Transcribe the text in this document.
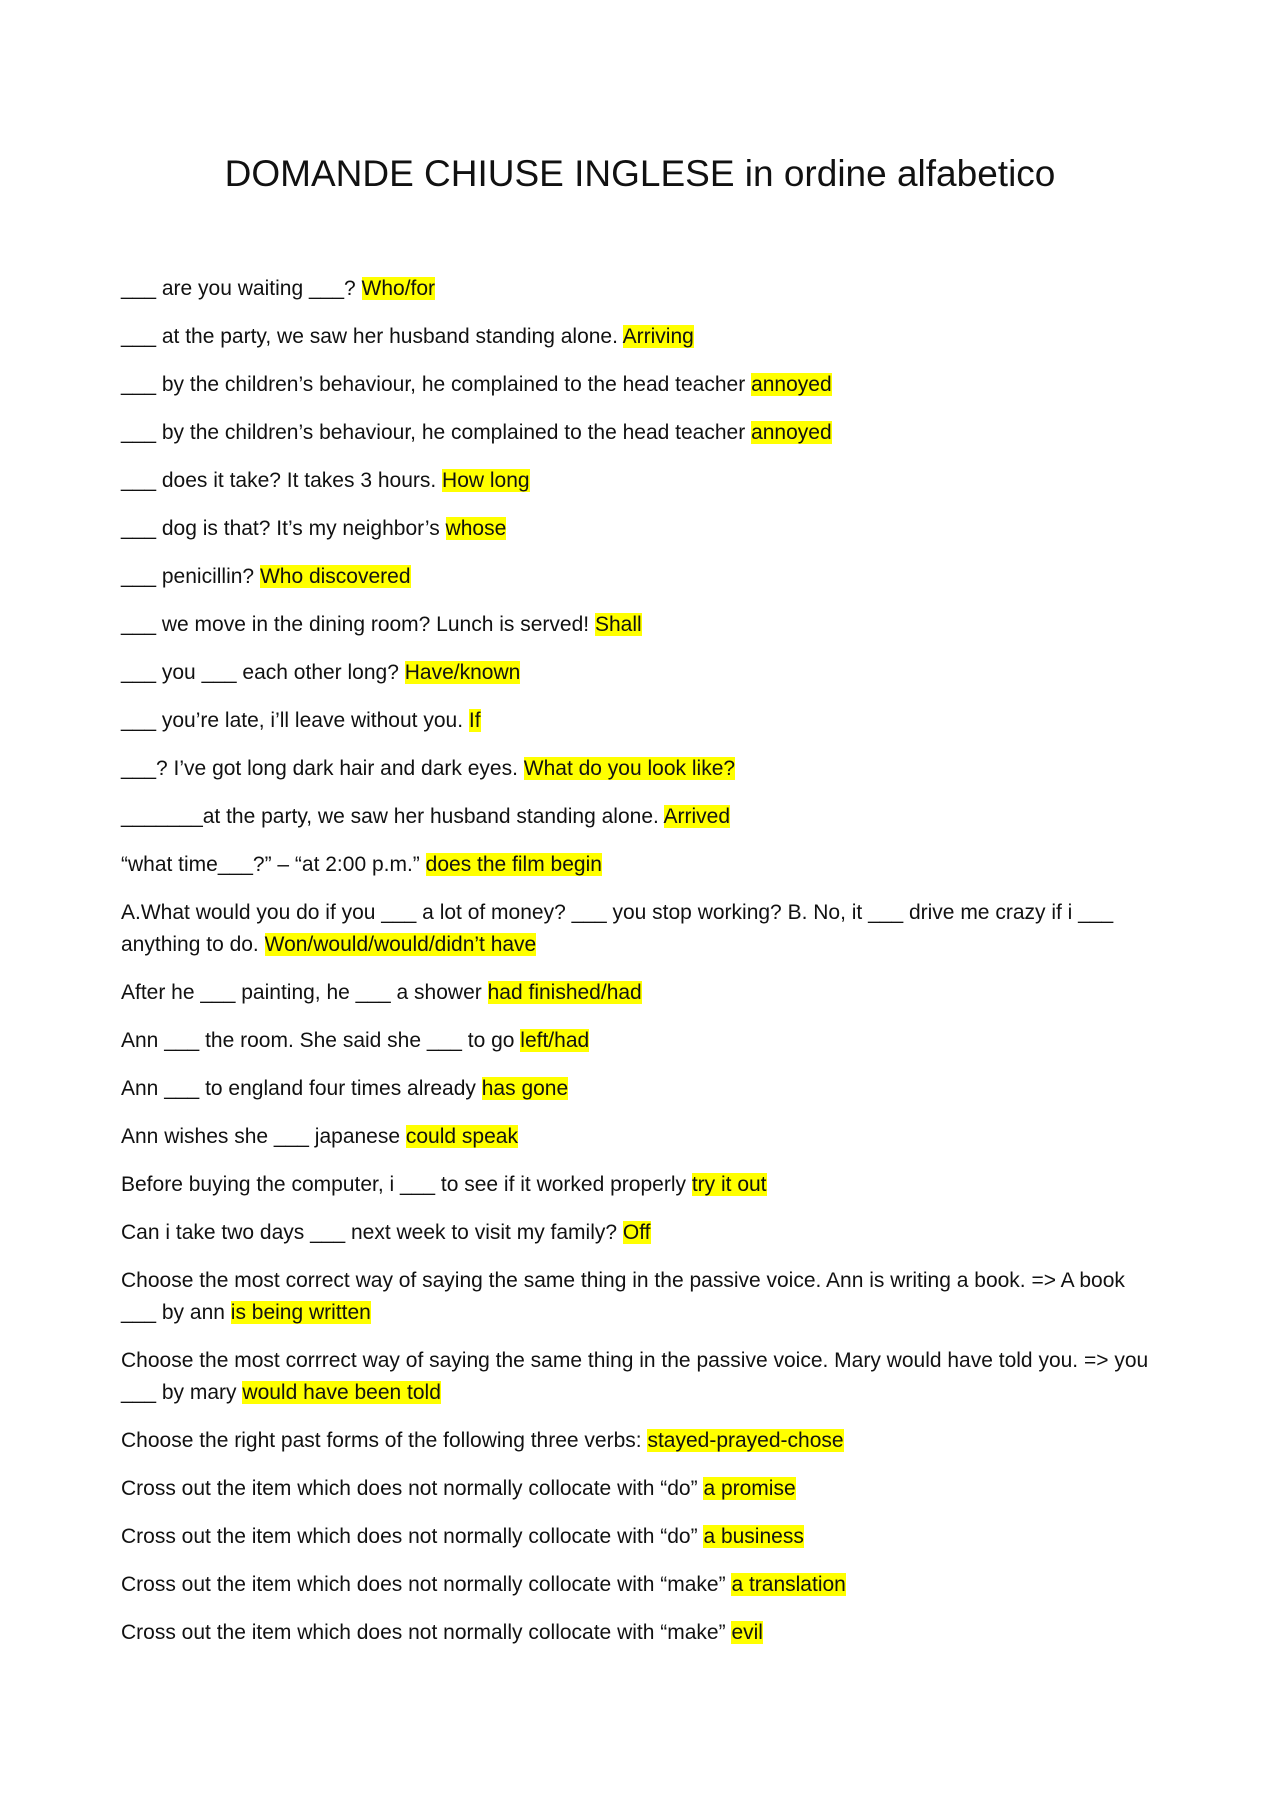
DOMANDE CHIUSE INGLESE in ordine alfabetico
___ are you waiting ___? Who/for
___ at the party, we saw her husband standing alone. Arriving
___ by the children’s behaviour, he complained to the head teacher annoyed
___ by the children’s behaviour, he complained to the head teacher annoyed
___ does it take? It takes 3 hours. How long
___ dog is that? It’s my neighbor’s whose
___ penicillin? Who discovered
___ we move in the dining room? Lunch is served! Shall
___ you ___ each other long? Have/known
___ you’re late, i’ll leave without you. If
___? I’ve got long dark hair and dark eyes. What do you look like?
_______at the party, we saw her husband standing alone. Arrived
“what time___?” – “at 2:00 p.m.” does the film begin
A.What would you do if you ___ a lot of money? ___ you stop working? B. No, it ___ drive me crazy if i ___ anything to do. Won/would/would/didn’t have
After he ___ painting, he ___ a shower had finished/had
Ann ___ the room. She said she ___ to go left/had
Ann ___ to england four times already has gone
Ann wishes she ___ japanese could speak
Before buying the computer, i ___ to see if it worked properly try it out
Can i take two days ___ next week to visit my family? Off
Choose the most correct way of saying the same thing in the passive voice. Ann is writing a book. => A book ___ by ann is being written
Choose the most corrrect way of saying the same thing in the passive voice. Mary would have told you. => you ___ by mary would have been told
Choose the right past forms of the following three verbs: stayed-prayed-chose
Cross out the item which does not normally collocate with “do” a promise
Cross out the item which does not normally collocate with “do” a business
Cross out the item which does not normally collocate with “make” a translation
Cross out the item which does not normally collocate with “make” evil
